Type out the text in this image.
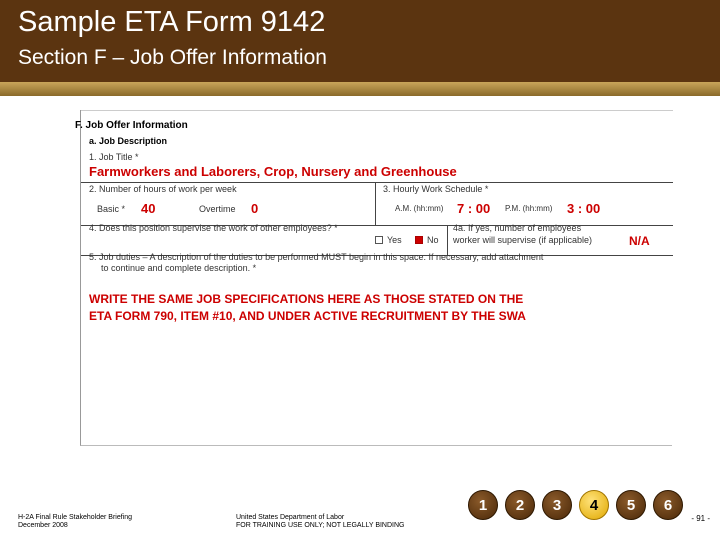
Sample ETA Form 9142
Section F – Job Offer Information
F. Job Offer Information
a. Job Description
1. Job Title *
Farmworkers and Laborers, Crop, Nursery and Greenhouse
2. Number of hours of work per week	3. Hourly Work Schedule *
Basic * 40	Overtime 0	A.M. (hh:mm) 7 : 00 P.M. (hh:mm) 3 : 00
4. Does this position supervise the work of other employees? *
Yes	No
4a. If yes, number of employees
worker will supervise (if applicable)	N/A
5. Job duties – A description of the duties to be performed MUST begin in this space. If necessary, add attachment
to continue and complete description. *
WRITE THE SAME JOB SPECIFICATIONS HERE AS THOSE STATED ON THE
ETA FORM 790, ITEM #10, AND UNDER ACTIVE RECRUITMENT BY THE SWA
H-2A Final Rule Stakeholder Briefing
December 2008
United States Department of Labor
FOR TRAINING USE ONLY; NOT LEGALLY BINDING
1	2	3	4	5	6
- 91 -
